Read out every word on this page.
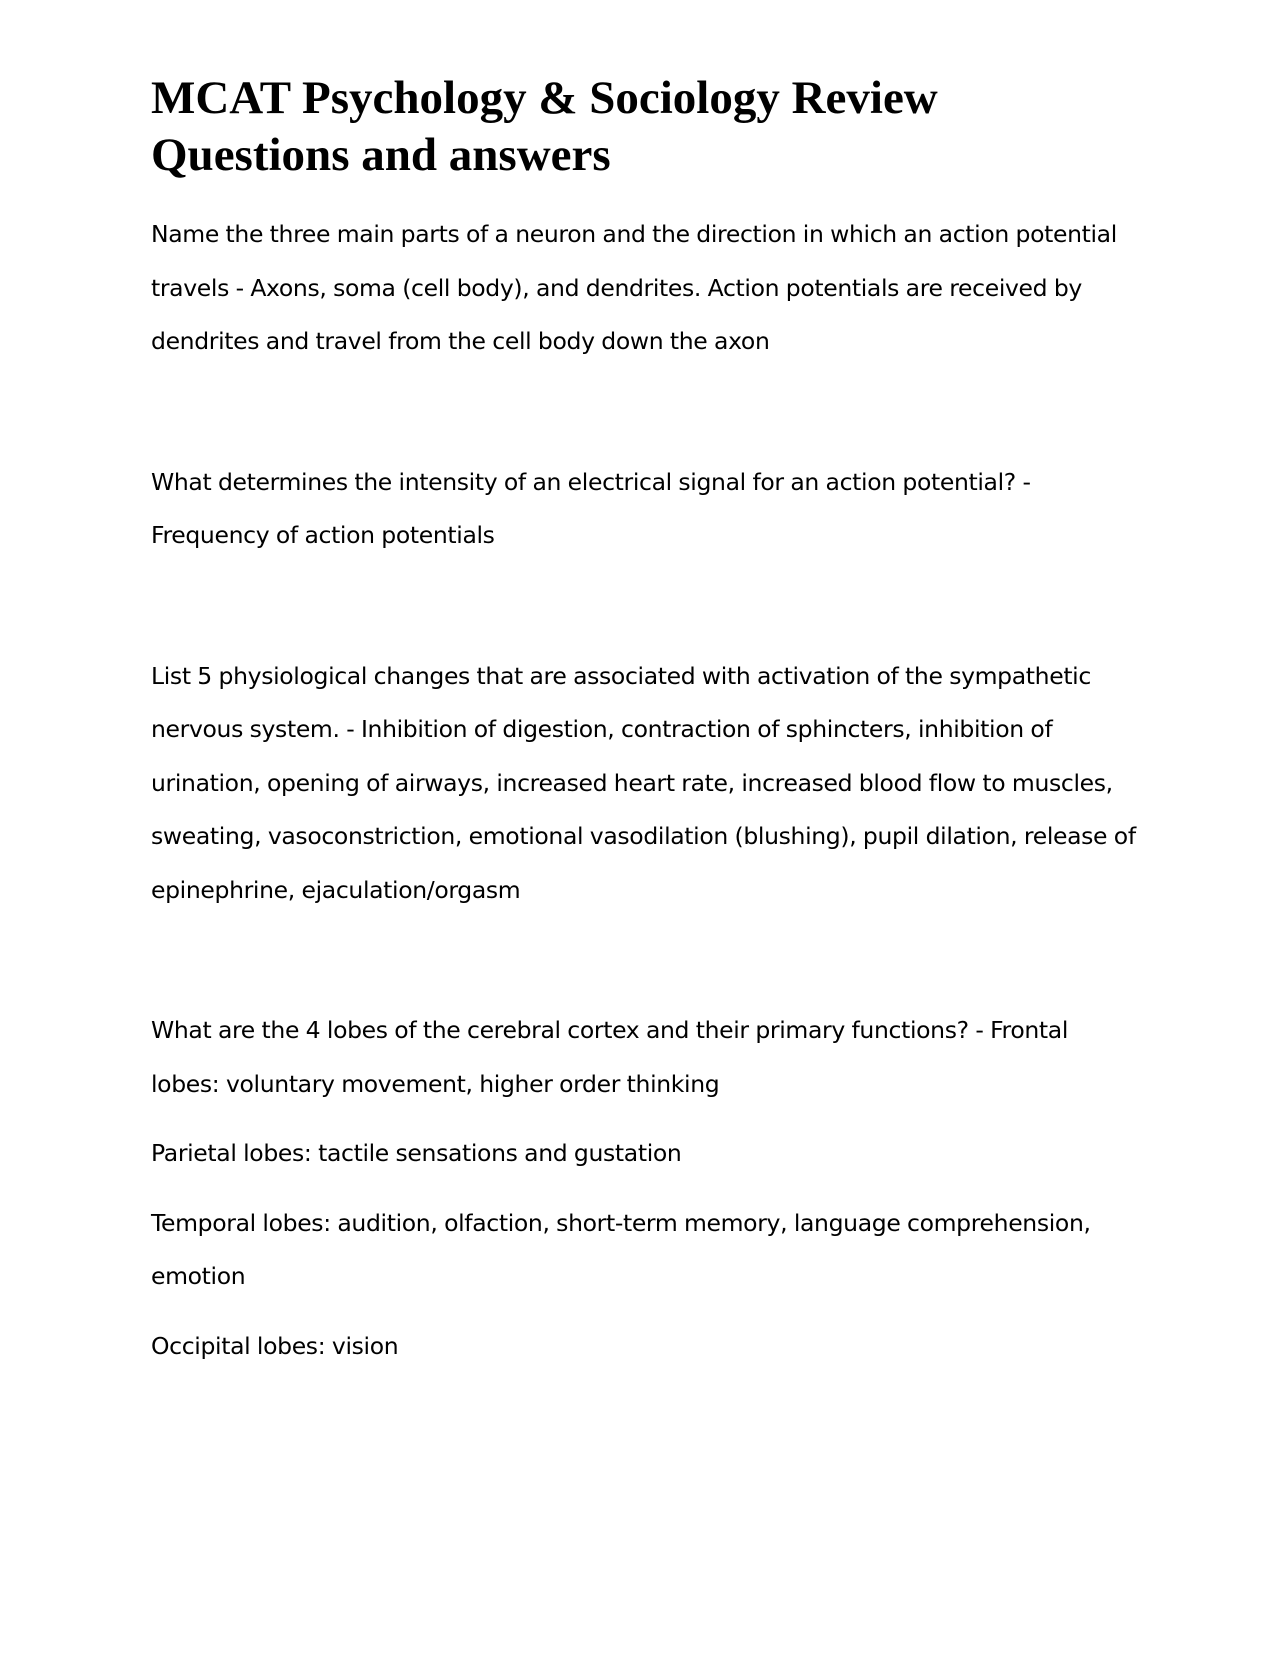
MCAT Psychology & Sociology Review Questions and answers

Name the three main parts of a neuron and the direction in which an action potential travels - Axons, soma (cell body), and dendrites. Action potentials are received by dendrites and travel from the cell body down the axon

What determines the intensity of an electrical signal for an action potential? - Frequency of action potentials

List 5 physiological changes that are associated with activation of the sympathetic nervous system. - Inhibition of digestion, contraction of sphincters, inhibition of urination, opening of airways, increased heart rate, increased blood flow to muscles, sweating, vasoconstriction, emotional vasodilation (blushing), pupil dilation, release of epinephrine, ejaculation/orgasm

What are the 4 lobes of the cerebral cortex and their primary functions? - Frontal lobes: voluntary movement, higher order thinking

Parietal lobes: tactile sensations and gustation

Temporal lobes: audition, olfaction, short-term memory, language comprehension, emotion

Occipital lobes: vision
